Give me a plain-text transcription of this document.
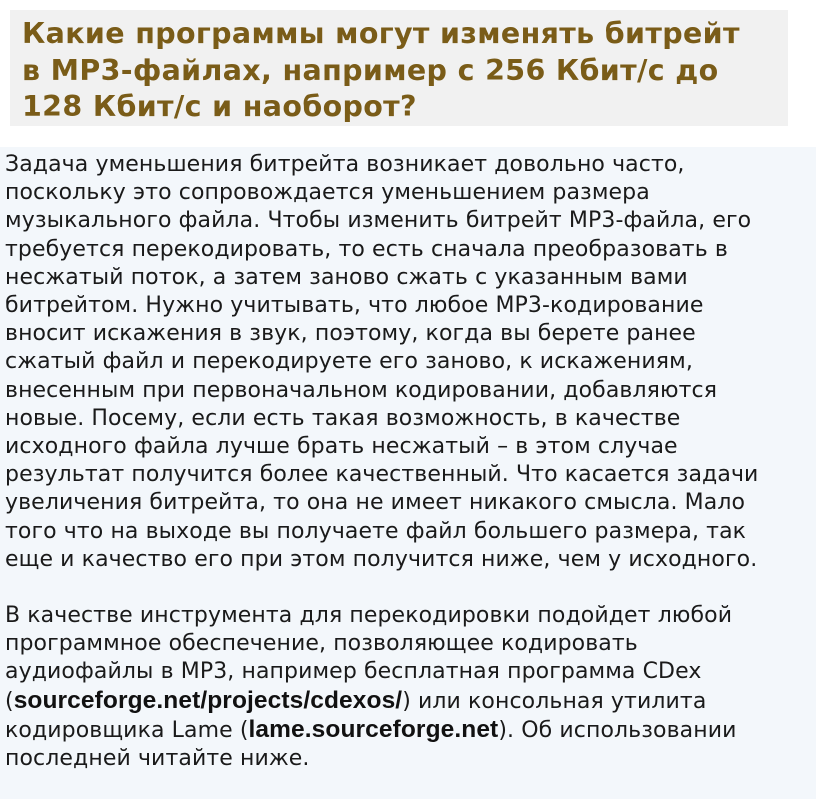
Какие программы могут изменять битрейт
в MP3-файлах, например с 256 Кбит/с до
128 Кбит/с и наоборот?

Задача уменьшения битрейта возникает довольно часто,
поскольку это сопровождается уменьшением размера
музыкального файла. Чтобы изменить битрейт MP3-файла, его
требуется перекодировать, то есть сначала преобразовать в
несжатый поток, а затем заново сжать с указанным вами
битрейтом. Нужно учитывать, что любое MP3-кодирование
вносит искажения в звук, поэтому, когда вы берете ранее
сжатый файл и перекодируете его заново, к искажениям,
внесенным при первоначальном кодировании, добавляются
новые. Посему, если есть такая возможность, в качестве
исходного файла лучше брать несжатый – в этом случае
результат получится более качественный. Что касается задачи
увеличения битрейта, то она не имеет никакого смысла. Мало
того что на выходе вы получаете файл большего размера, так
еще и качество его при этом получится ниже, чем у исходного.

В качестве инструмента для перекодировки подойдет любой
программное обеспечение, позволяющее кодировать
аудиофайлы в MP3, например бесплатная программа CDex
(sourceforge.net/projects/cdexos/) или консольная утилита
кодировщика Lame (lame.sourceforge.net). Об использовании
последней читайте ниже.
